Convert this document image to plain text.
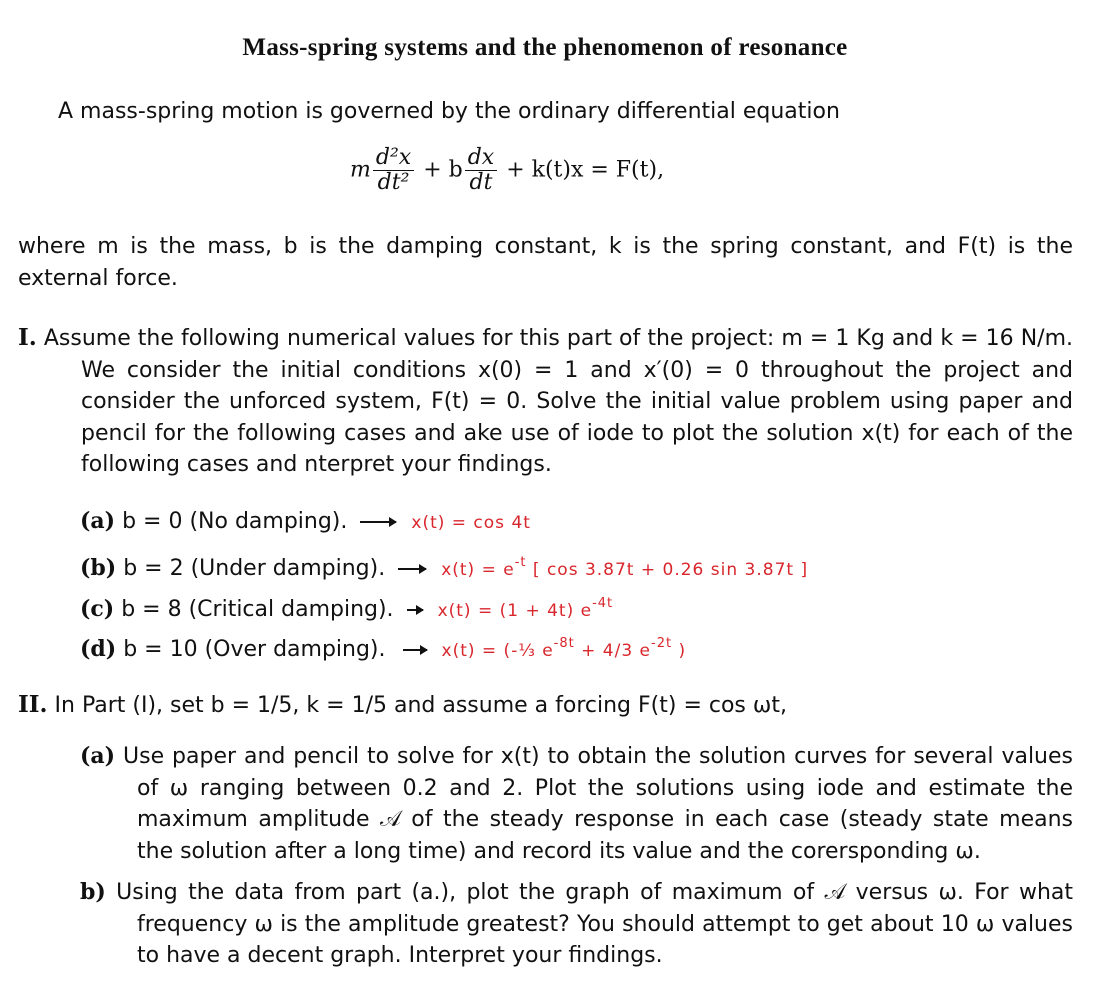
Mass-spring systems and the phenomenon of resonance
A mass-spring motion is governed by the ordinary differential equation
m $\frac{\text{d²x}}{\text{dt²}} + b \frac{dx}{dt} + k(t)x = F(t)$,
where m is the mass, b is the damping constant, k is the spring constant, and F(t) is the external force.
I. Assume the following numerical values for this part of the project: m = 1 Kg and k = 16 N/m. We consider the initial conditions x(0) = 1 and x′(0) = 0 throughout the project and consider the unforced system, F(t) = 0. Solve the initial value problem using paper and pencil for the following cases and ake use of iode to plot the solution x(t) for each of the following cases and nterpret your findings.
(a) b = 0 (No damping).	x(t) = cos 4t
(b) b = 2 (Under damping).	$x(t) = e^{-t}$ [ cos 3.87t + 0.26 sin 3.87t ]
(c) b = 8 (Critical damping).	x(t) = (1 + 4t) $e^{-4t}$
(d) b = 10 (Over damping).	x(t) = (-⅓ $e^{-8t} + 4/3$ $e^{-2t}$ )
II. In Part (I), set b = 1/5, k = 1/5 and assume a forcing F(t) = cos ωt,
(a) Use paper and pencil to solve for x(t) to obtain the solution curves for several values of ω ranging between 0.2 and 2. Plot the solutions using iode and estimate the maximum amplitude 𝒜 of the steady response in each case (steady state means the solution after a long time) and record its value and the corersponding ω.
b) Using the data from part (a.), plot the graph of maximum of 𝒜 versus ω. For what frequency ω is the amplitude greatest? You should attempt to get about 10 ω values to have a decent graph. Interpret your findings.
